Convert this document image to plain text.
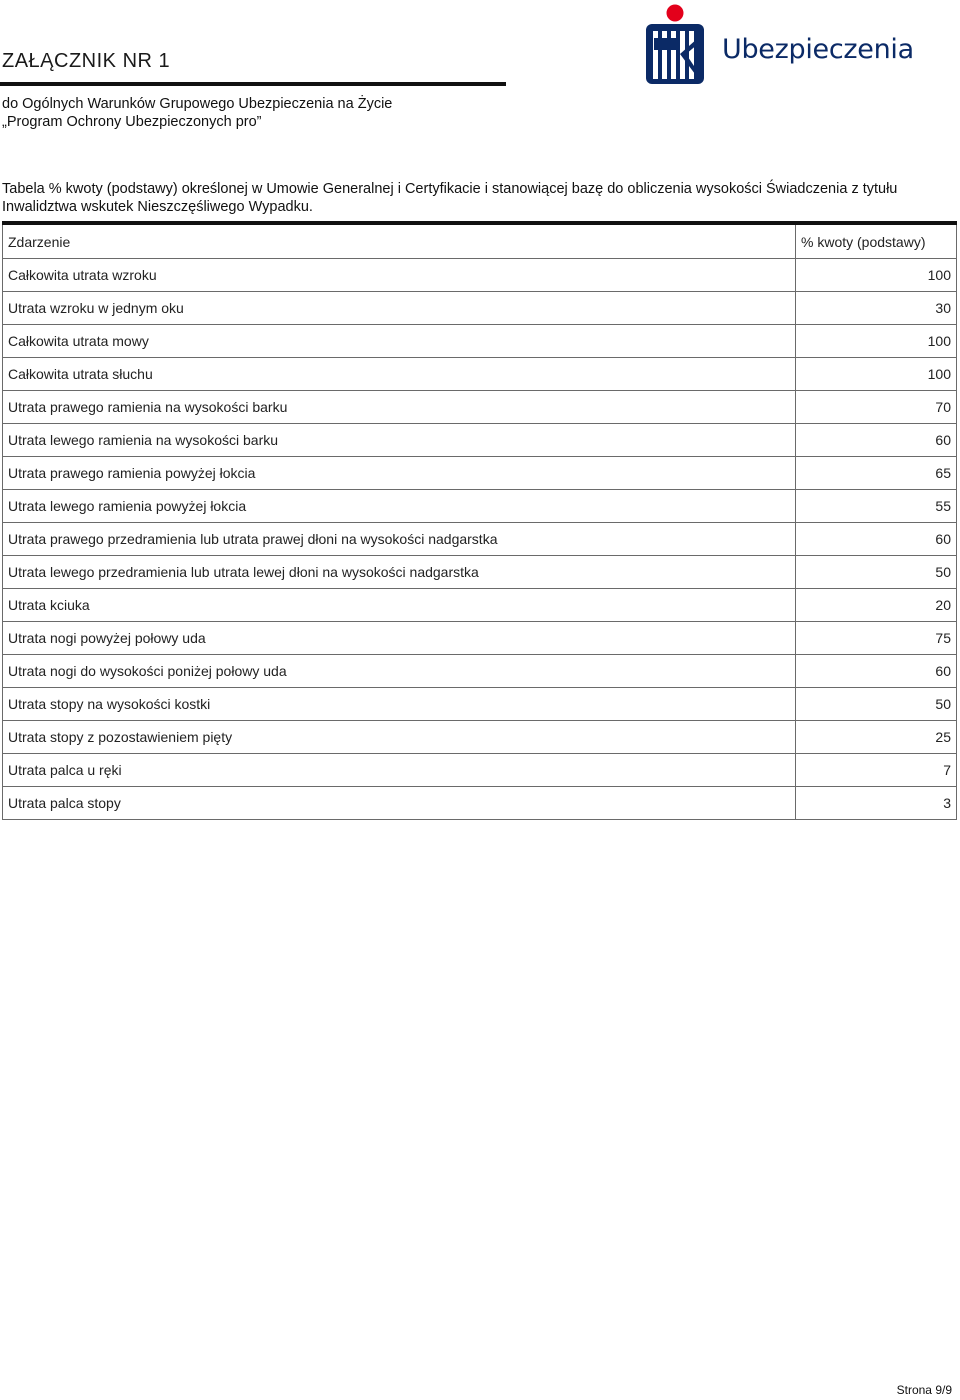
ZAŁĄCZNIK NR 1
do Ogólnych Warunków Grupowego Ubezpieczenia na Życie
„Program Ochrony Ubezpieczonych pro”
Ubezpieczenia
Tabela % kwoty (podstawy) określonej w Umowie Generalnej i Certyfikacie i stanowiącej bazę do obliczenia wysokości Świadczenia z tytułu Inwalidztwa wskutek Nieszczęśliwego Wypadku.
Zdarzenie	% kwoty (podstawy)
Całkowita utrata wzroku	100
Utrata wzroku w jednym oku	30
Całkowita utrata mowy	100
Całkowita utrata słuchu	100
Utrata prawego ramienia na wysokości barku	70
Utrata lewego ramienia na wysokości barku	60
Utrata prawego ramienia powyżej łokcia	65
Utrata lewego ramienia powyżej łokcia	55
Utrata prawego przedramienia lub utrata prawej dłoni na wysokości nadgarstka	60
Utrata lewego przedramienia lub utrata lewej dłoni na wysokości nadgarstka	50
Utrata kciuka	20
Utrata nogi powyżej połowy uda	75
Utrata nogi do wysokości poniżej połowy uda	60
Utrata stopy na wysokości kostki	50
Utrata stopy z pozostawieniem pięty	25
Utrata palca u ręki	7
Utrata palca stopy	3
Strona 9/9
